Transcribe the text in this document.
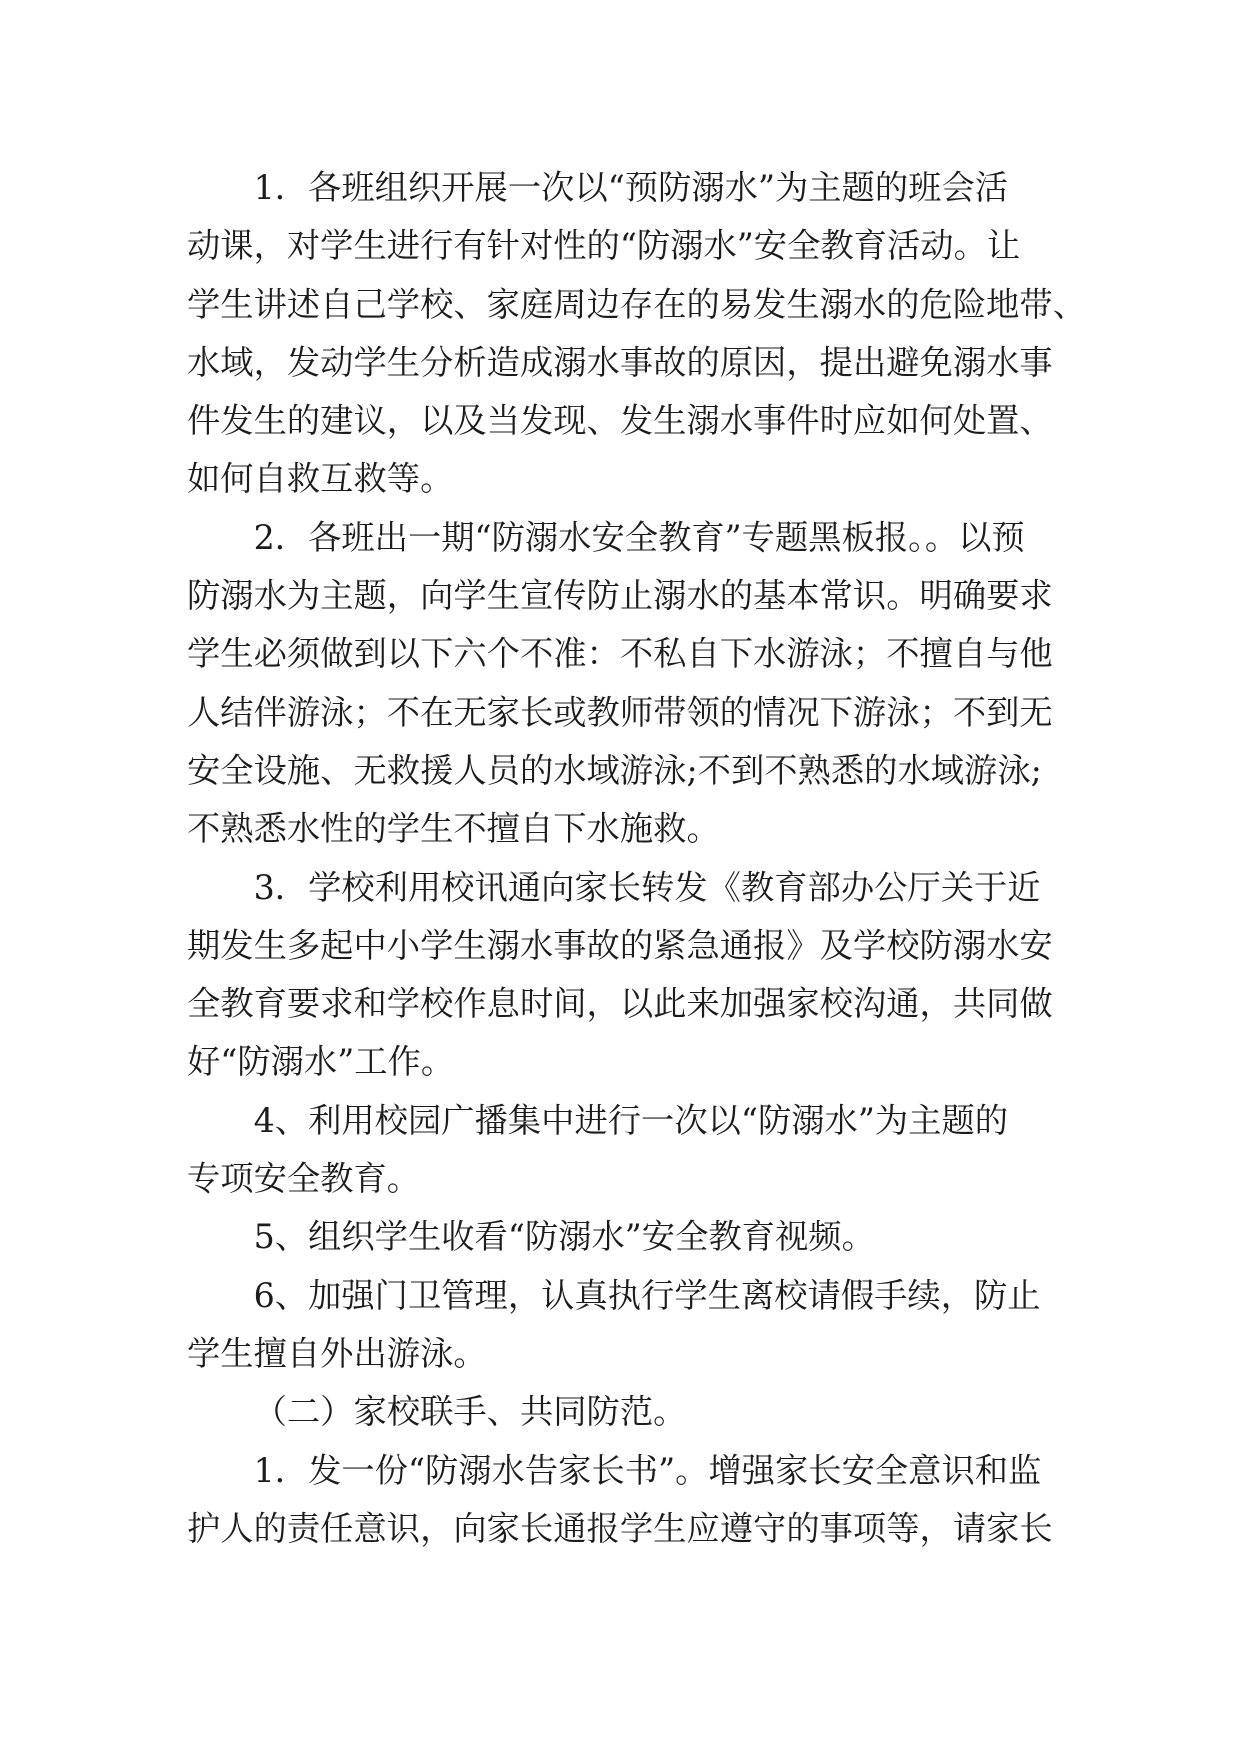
1．各班组织开展一次以“预防溺水”为主题的班会活
动课，对学生进行有针对性的“防溺水”安全教育活动。让
学生讲述自己学校、家庭周边存在的易发生溺水的危险地带、
水域，发动学生分析造成溺水事故的原因，提出避免溺水事
件发生的建议，以及当发现、发生溺水事件时应如何处置、
如何自救互救等。
2．各班出一期“防溺水安全教育”专题黑板报。。以预
防溺水为主题，向学生宣传防止溺水的基本常识。明确要求
学生必须做到以下六个不准：不私自下水游泳；不擅自与他
人结伴游泳；不在无家长或教师带领的情况下游泳；不到无
安全设施、无救援人员的水域游泳;不到不熟悉的水域游泳;
不熟悉水性的学生不擅自下水施救。
3．学校利用校讯通向家长转发《教育部办公厅关于近
期发生多起中小学生溺水事故的紧急通报》及学校防溺水安
全教育要求和学校作息时间，以此来加强家校沟通，共同做
好“防溺水”工作。
4、利用校园广播集中进行一次以“防溺水”为主题的
专项安全教育。
5、组织学生收看“防溺水”安全教育视频。
6、加强门卫管理，认真执行学生离校请假手续，防止
学生擅自外出游泳。
（二）家校联手、共同防范。
1．发一份“防溺水告家长书”。增强家长安全意识和监
护人的责任意识，向家长通报学生应遵守的事项等，请家长
